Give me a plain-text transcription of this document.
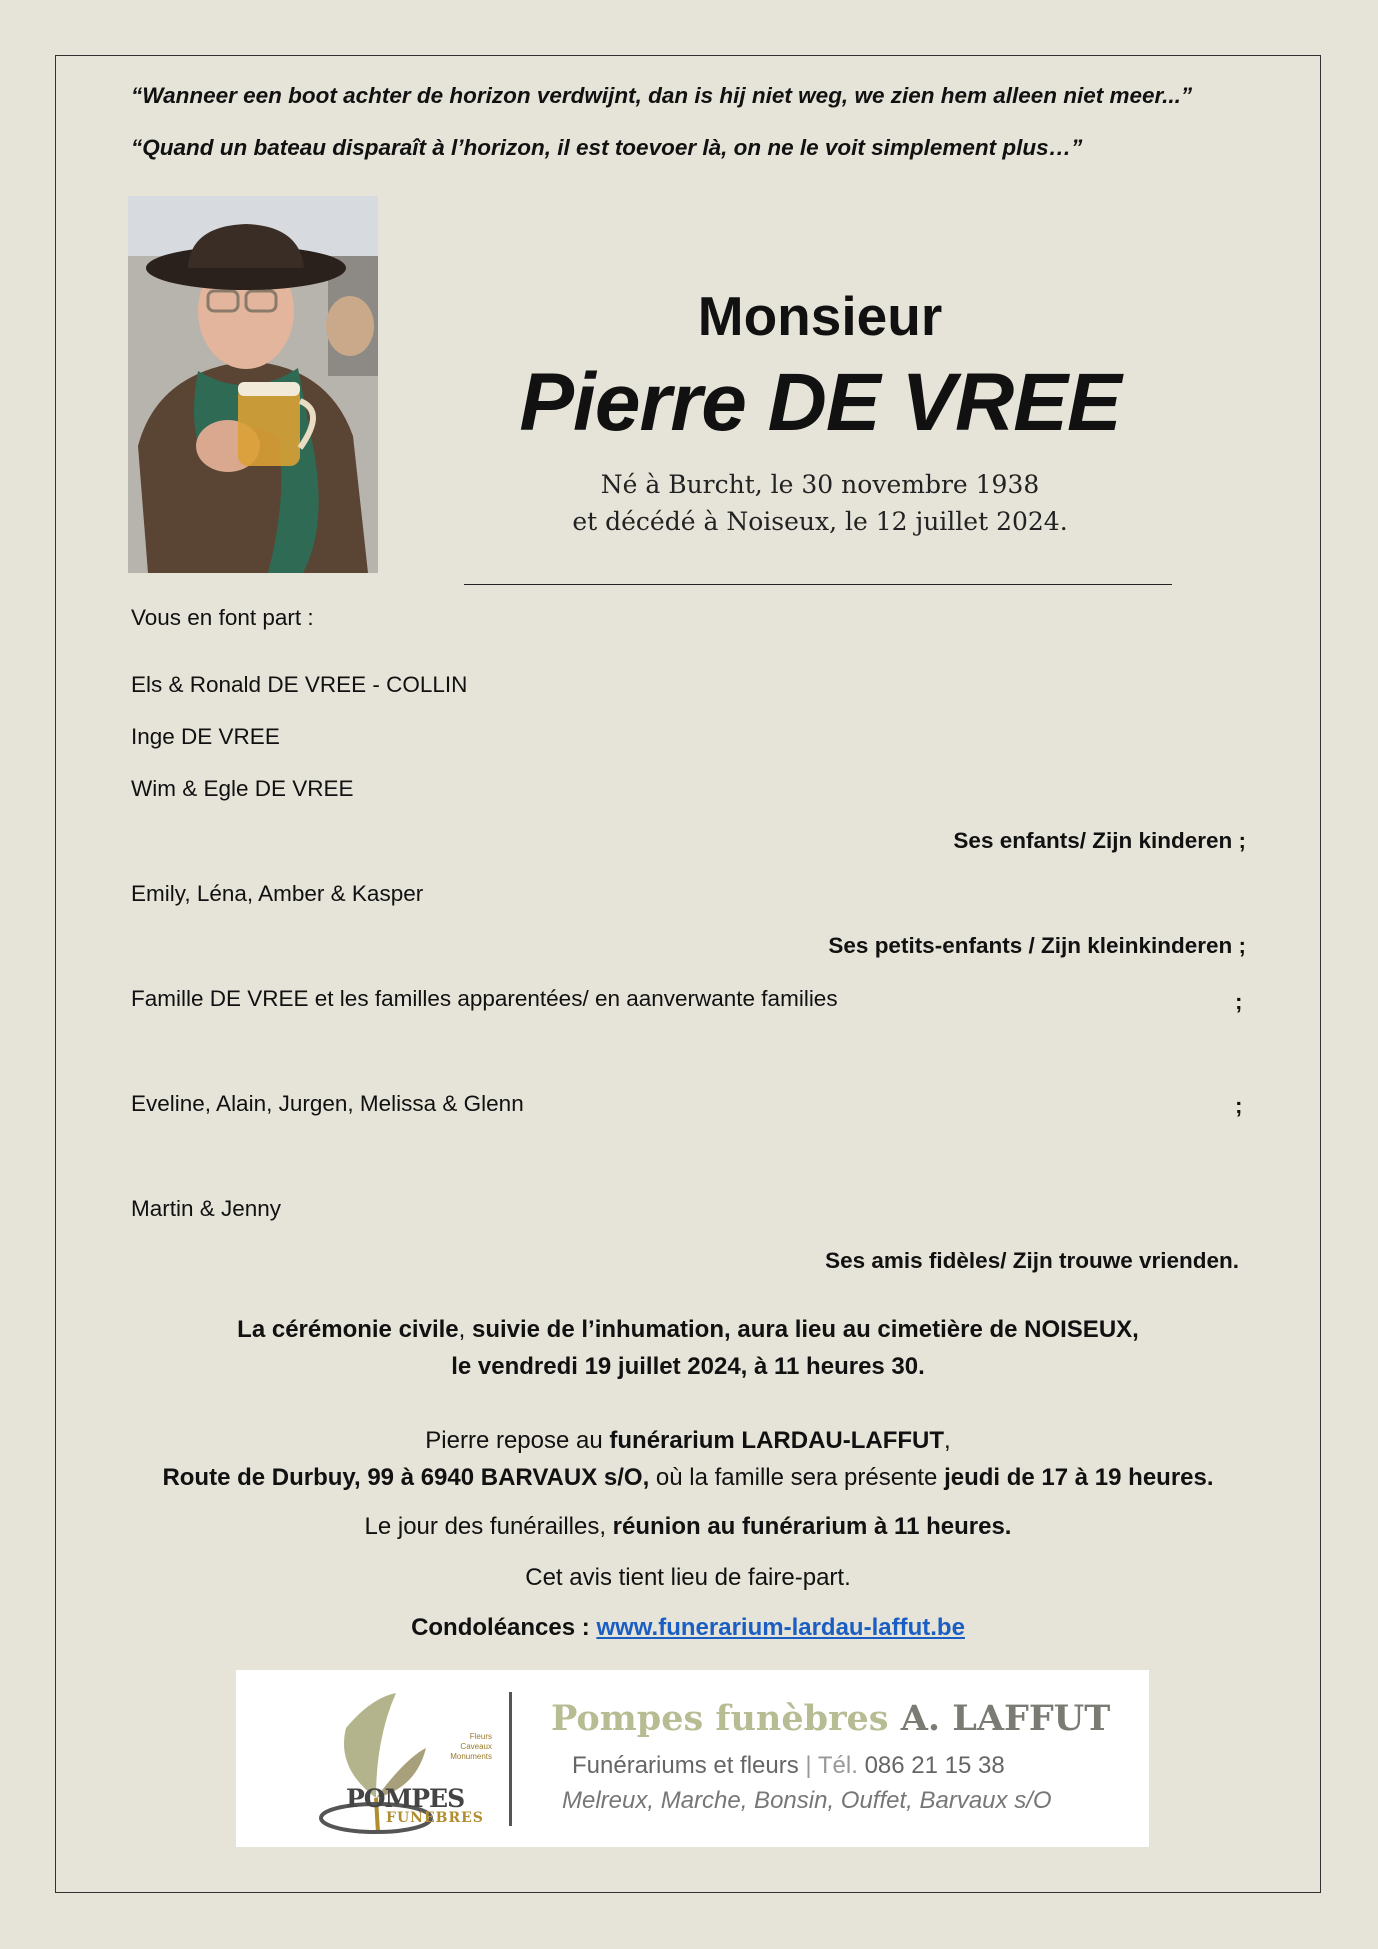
“Wanneer een boot achter de horizon verdwijnt, dan is hij niet weg, we zien hem alleen niet meer...”
“Quand un bateau disparaît à l’horizon, il est toevoer là, on ne le voit simplement plus…”
Monsieur
Pierre DE VREE
Né à Burcht, le 30 novembre 1938
et décédé à Noiseux, le 12 juillet 2024.
Vous en font part :
Els & Ronald DE VREE - COLLIN
Inge DE VREE
Wim & Egle DE VREE
Ses enfants/ Zijn kinderen ;
Emily, Léna, Amber & Kasper
Ses petits-enfants / Zijn kleinkinderen ;
Famille DE VREE et les familles apparentées/ en aanverwante families	;
Eveline, Alain, Jurgen, Melissa & Glenn	;
Martin & Jenny
Ses amis fidèles/ Zijn trouwe vrienden.
La cérémonie civile, suivie de l’inhumation, aura lieu au cimetière de NOISEUX,
le vendredi 19 juillet 2024, à 11 heures 30.
Pierre repose au funérarium LARDAU-LAFFUT,
Route de Durbuy, 99 à 6940 BARVAUX s/O, où la famille sera présente jeudi de 17 à 19 heures.
Le jour des funérailles, réunion au funérarium à 11 heures.
Cet avis tient lieu de faire-part.
Condoléances : www.funerarium-lardau-laffut.be
Fleurs
Caveaux
Monuments
POMPES
FUNEBRES
Pompes funèbres A. LAFFUT
Funérariums et fleurs | Tél. 086 21 15 38
Melreux, Marche, Bonsin, Ouffet, Barvaux s/O
